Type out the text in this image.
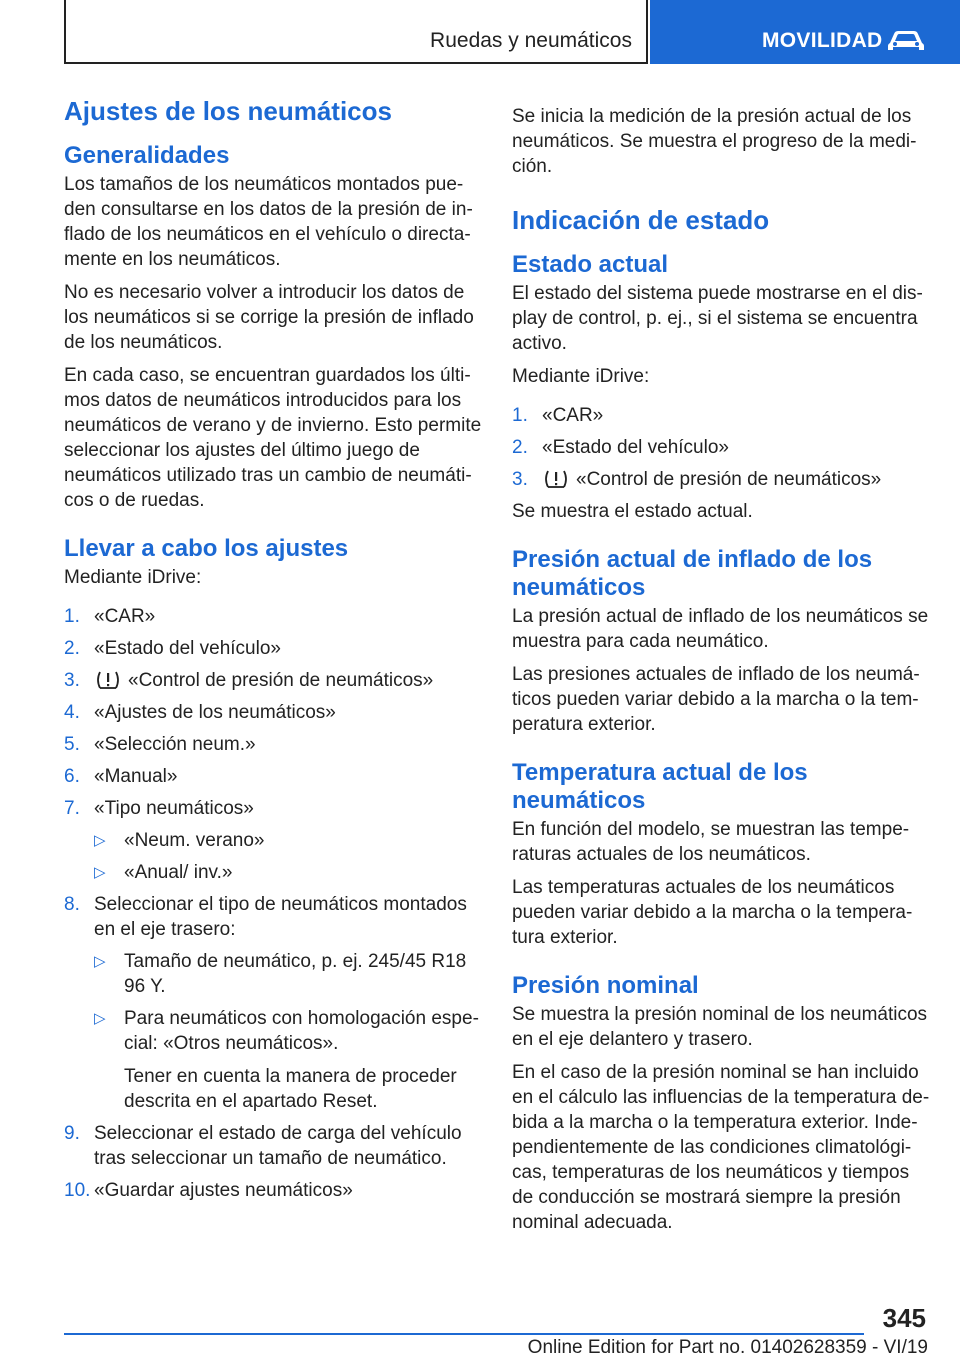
Ruedas y neumáticos	MOVILIDAD
Ajustes de los neumáticos
Generalidades

Los tamaños de los neumáticos montados pueden consultarse en los datos de la presión de inflado de los neumáticos en el vehículo o directamente en los neumáticos.

No es necesario volver a introducir los datos de los neumáticos si se corrige la presión de inflado de los neumáticos.

En cada caso, se encuentran guardados los últimos datos de neumáticos introducidos para los neumáticos de verano y de invierno. Esto permite seleccionar los ajustes del último juego de neumáticos utilizado tras un cambio de neumáticos o de ruedas.

Llevar a cabo los ajustes

Mediante iDrive:

1. «CAR»
2. «Estado del vehículo»
3.	«Control de presión de neumáticos»
4. «Ajustes de los neumáticos»
5. «Selección neum.»
6. «Manual»
7. «Tipo neumáticos»
▷ «Neum. verano»
▷ «Anual/ inv.»
8. Seleccionar el tipo de neumáticos montados en el eje trasero:
▷ Tamaño de neumático, p. ej. 245/45 R18 96 Y.
▷ Para neumáticos con homologación especial: «Otros neumáticos».
Tener en cuenta la manera de proceder descrita en el apartado Reset.
9. Seleccionar el estado de carga del vehículo tras seleccionar un tamaño de neumático.
10. «Guardar ajustes neumáticos»

Se inicia la medición de la presión actual de los neumáticos. Se muestra el progreso de la medición.

Indicación de estado
Estado actual

El estado del sistema puede mostrarse en el display de control, p. ej., si el sistema se encuentra activo.

Mediante iDrive:

1. «CAR»
2. «Estado del vehículo»
3.	«Control de presión de neumáticos»

Se muestra el estado actual.

Presión actual de inflado de los neumáticos

La presión actual de inflado de los neumáticos se muestra para cada neumático.

Las presiones actuales de inflado de los neumáticos pueden variar debido a la marcha o la temperatura exterior.

Temperatura actual de los neumáticos

En función del modelo, se muestran las temperaturas actuales de los neumáticos.

Las temperaturas actuales de los neumáticos pueden variar debido a la marcha o la temperatura exterior.

Presión nominal

Se muestra la presión nominal de los neumáticos en el eje delantero y trasero.

En el caso de la presión nominal se han incluido en el cálculo las influencias de la temperatura debida a la marcha o la temperatura exterior. Independientemente de las condiciones climatológicas, temperaturas de los neumáticos y tiempos de conducción se mostrará siempre la presión nominal adecuada.

345
Online Edition for Part no. 01402628359 - VI/19
